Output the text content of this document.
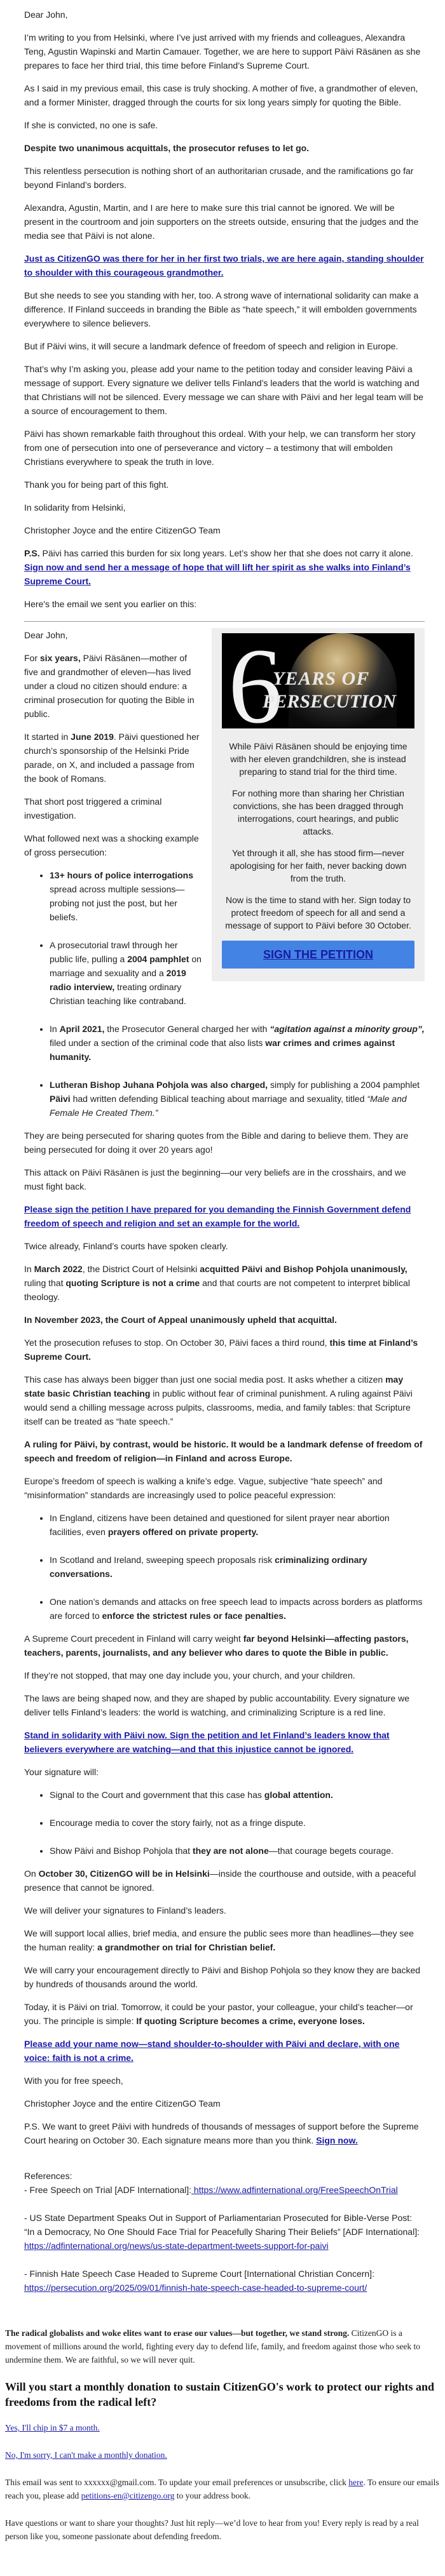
Dear John,

I’m writing to you from Helsinki, where I’ve just arrived with my friends and colleagues, Alexandra Teng, Agustin Wapinski and Martin Camauer. Together, we are here to support Päivi Räsänen as she prepares to face her third trial, this time before Finland’s Supreme Court.

As I said in my previous email, this case is truly shocking. A mother of five, a grandmother of eleven, and a former Minister, dragged through the courts for six long years simply for quoting the Bible.

If she is convicted, no one is safe.

Despite two unanimous acquittals, the prosecutor refuses to let go.

This relentless persecution is nothing short of an authoritarian crusade, and the ramifications go far beyond Finland’s borders.

Alexandra, Agustin, Martin, and I are here to make sure this trial cannot be ignored. We will be present in the courtroom and join supporters on the streets outside, ensuring that the judges and the media see that Päivi is not alone.

Just as CitizenGO was there for her in her first two trials, we are here again, standing shoulder to shoulder with this courageous grandmother.

But she needs to see you standing with her, too. A strong wave of international solidarity can make a difference. If Finland succeeds in branding the Bible as “hate speech,” it will embolden governments everywhere to silence believers.

But if Päivi wins, it will secure a landmark defence of freedom of speech and religion in Europe.

That’s why I’m asking you, please add your name to the petition today and consider leaving Päivi a message of support. Every signature we deliver tells Finland’s leaders that the world is watching and that Christians will not be silenced. Every message we can share with Päivi and her legal team will be a source of encouragement to them.

Päivi has shown remarkable faith throughout this ordeal. With your help, we can transform her story from one of persecution into one of perseverance and victory – a testimony that will embolden Christians everywhere to speak the truth in love.

Thank you for being part of this fight.

In solidarity from Helsinki,

Christopher Joyce and the entire CitizenGO Team

P.S. Päivi has carried this burden for six long years. Let’s show her that she does not carry it alone. Sign now and send her a message of hope that will lift her spirit as she walks into Finland’s Supreme Court.

Here's the email we sent you earlier on this:

6
YEARS OF
PERSECUTION

While Päivi Räsänen should be enjoying time with her eleven grandchildren, she is instead preparing to stand trial for the third time.

For nothing more than sharing her Christian convictions, she has been dragged through interrogations, court hearings, and public attacks.

Yet through it all, she has stood firm—never apologising for her faith, never backing down from the truth.

Now is the time to stand with her. Sign today to protect freedom of speech for all and send a message of support to Päivi before 30 October.

SIGN THE PETITION

Dear John,

For six years, Päivi Räsänen—mother of five and grandmother of eleven—has lived under a cloud no citizen should endure: a criminal prosecution for quoting the Bible in public.

It started in June 2019. Päivi questioned her church’s sponsorship of the Helsinki Pride parade, on X, and included a passage from the book of Romans.

That short post triggered a criminal investigation.

What followed next was a shocking example of gross persecution:

• 13+ hours of police interrogations spread across multiple sessions—probing not just the post, but her beliefs.
• A prosecutorial trawl through her public life, pulling a 2004 pamphlet on marriage and sexuality and a 2019 radio interview, treating ordinary Christian teaching like contraband.
• In April 2021, the Prosecutor General charged her with “agitation against a minority group”, filed under a section of the criminal code that also lists war crimes and crimes against humanity.
• Lutheran Bishop Juhana Pohjola was also charged, simply for publishing a 2004 pamphlet Päivi had written defending Biblical teaching about marriage and sexuality, titled “Male and Female He Created Them.”

They are being persecuted for sharing quotes from the Bible and daring to believe them. They are being persecuted for doing it over 20 years ago!

This attack on Päivi Räsänen is just the beginning—our very beliefs are in the crosshairs, and we must fight back.

Please sign the petition I have prepared for you demanding the Finnish Government defend freedom of speech and religion and set an example for the world.

Twice already, Finland’s courts have spoken clearly.

In March 2022, the District Court of Helsinki acquitted Päivi and Bishop Pohjola unanimously, ruling that quoting Scripture is not a crime and that courts are not competent to interpret biblical theology.

In November 2023, the Court of Appeal unanimously upheld that acquittal.

Yet the prosecution refuses to stop. On October 30, Päivi faces a third round, this time at Finland’s Supreme Court.

This case has always been bigger than just one social media post. It asks whether a citizen may state basic Christian teaching in public without fear of criminal punishment. A ruling against Päivi would send a chilling message across pulpits, classrooms, media, and family tables: that Scripture itself can be treated as “hate speech.”

A ruling for Päivi, by contrast, would be historic. It would be a landmark defense of freedom of speech and freedom of religion—in Finland and across Europe.

Europe’s freedom of speech is walking a knife’s edge. Vague, subjective “hate speech” and “misinformation” standards are increasingly used to police peaceful expression:

• In England, citizens have been detained and questioned for silent prayer near abortion facilities, even prayers offered on private property.
• In Scotland and Ireland, sweeping speech proposals risk criminalizing ordinary conversations.
• One nation’s demands and attacks on free speech lead to impacts across borders as platforms are forced to enforce the strictest rules or face penalties.

A Supreme Court precedent in Finland will carry weight far beyond Helsinki—affecting pastors, teachers, parents, journalists, and any believer who dares to quote the Bible in public.

If they’re not stopped, that may one day include you, your church, and your children.

The laws are being shaped now, and they are shaped by public accountability. Every signature we deliver tells Finland’s leaders: the world is watching, and criminalizing Scripture is a red line.

Stand in solidarity with Päivi now. Sign the petition and let Finland’s leaders know that believers everywhere are watching—and that this injustice cannot be ignored.

Your signature will:

• Signal to the Court and government that this case has global attention.
• Encourage media to cover the story fairly, not as a fringe dispute.
• Show Päivi and Bishop Pohjola that they are not alone—that courage begets courage.

On October 30, CitizenGO will be in Helsinki—inside the courthouse and outside, with a peaceful presence that cannot be ignored.

We will deliver your signatures to Finland’s leaders.

We will support local allies, brief media, and ensure the public sees more than headlines—they see the human reality: a grandmother on trial for Christian belief.

We will carry your encouragement directly to Päivi and Bishop Pohjola so they know they are backed by hundreds of thousands around the world.

Today, it is Päivi on trial. Tomorrow, it could be your pastor, your colleague, your child’s teacher—or you. The principle is simple: If quoting Scripture becomes a crime, everyone loses.

Please add your name now—stand shoulder-to-shoulder with Päivi and declare, with one voice: faith is not a crime.

With you for free speech,

Christopher Joyce and the entire CitizenGO Team

P.S. We want to greet Päivi with hundreds of thousands of messages of support before the Supreme Court hearing on October 30. Each signature means more than you think. Sign now.

References:
- Free Speech on Trial [ADF International]: https://www.adfinternational.org/FreeSpeechOnTrial
- US State Department Speaks Out in Support of Parliamentarian Prosecuted for Bible-Verse Post: “In a Democracy, No One Should Face Trial for Peacefully Sharing Their Beliefs” [ADF International]:
https://adfinternational.org/news/us-state-department-tweets-support-for-paivi
- Finnish Hate Speech Case Headed to Supreme Court [International Christian Concern]:
https://persecution.org/2025/09/01/finnish-hate-speech-case-headed-to-supreme-court/

The radical globalists and woke elites want to erase our values—but together, we stand strong. CitizenGO is a movement of millions around the world, fighting every day to defend life, family, and freedom against those who seek to undermine them. We are faithful, so we will never quit.

Will you start a monthly donation to sustain CitizenGO's work to protect our rights and freedoms from the radical left?

Yes, I'll chip in $7 a month.

No, I'm sorry, I can't make a monthly donation.

This email was sent to xxxxxx@gmail.com. To update your email preferences or unsubscribe, click here. To ensure our emails reach you, please add petitions-en@citizengo.org to your address book.

Have questions or want to share your thoughts? Just hit reply—we’d love to hear from you! Every reply is read by a real person like you, someone passionate about defending freedom.
